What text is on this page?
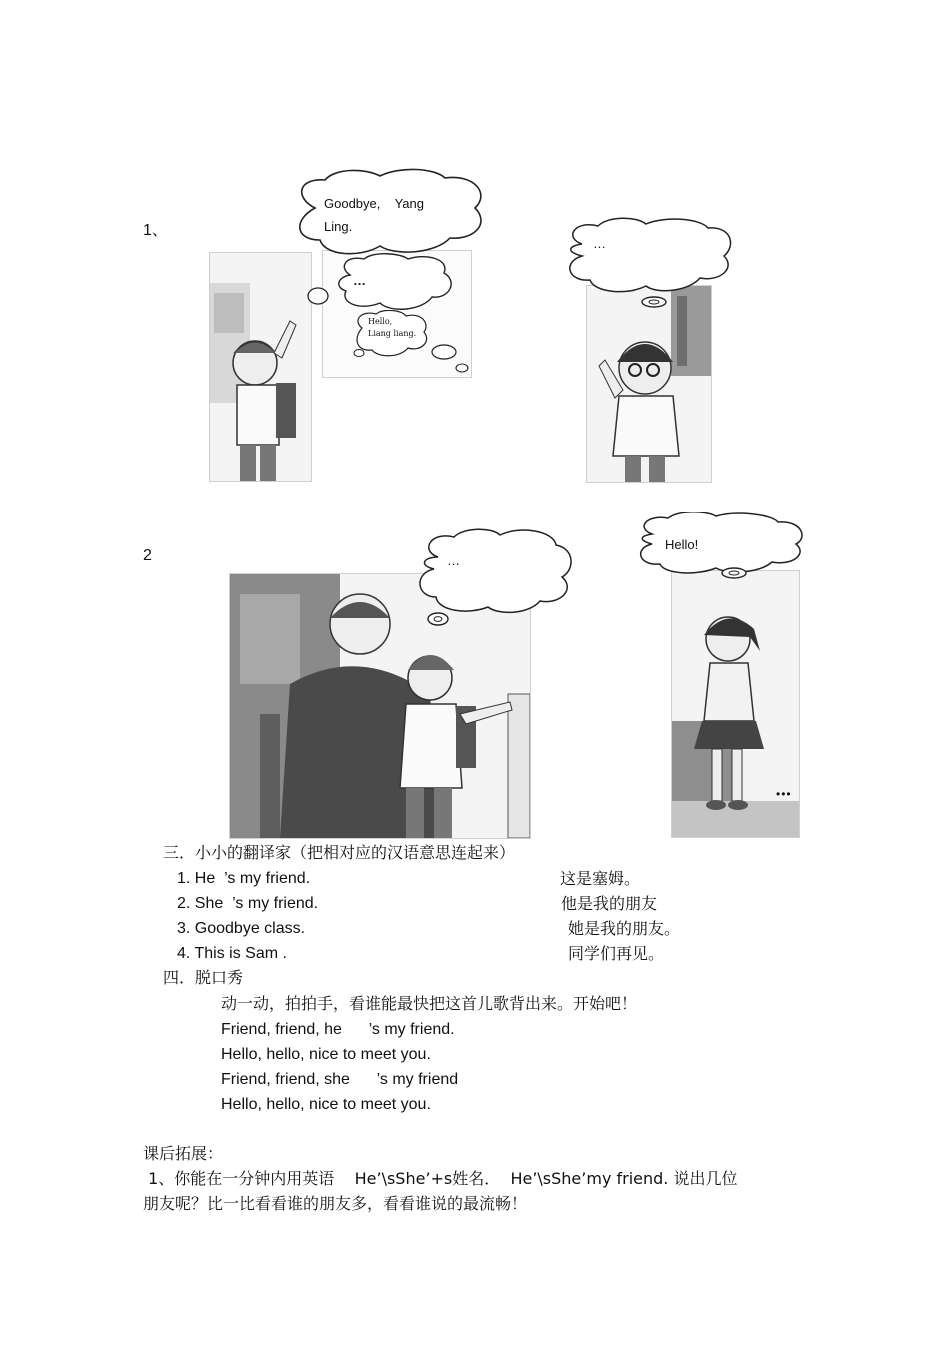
1、
Goodbye,    Yang
Ling.
…
Hello,
Liang liang.
…
2	…
•••
Hello!
三．小小的翻译家（把相对应的汉语意思连起来）
1. He  ’s my friend.
2. She  ’s my friend.
3. Goodbye class.
4. This is Sam .
这是塞姆。
他是我的朋友
她是我的朋友。
同学们再见。
四．脱口秀
动一动，拍拍手，看谁能最快把这首儿歌背出来。开始吧！
Friend, friend, he      ’s my friend.
Hello, hello, nice to meet you.
Friend, friend, she      ’s my friend
Hello, hello, nice to meet you.
课后拓展：
1、你能在一分钟内用英语    He’\sShe’+s姓名．  He’\sShe’my friend. 说出几位
朋友呢？比一比看看谁的朋友多，看看谁说的最流畅！
